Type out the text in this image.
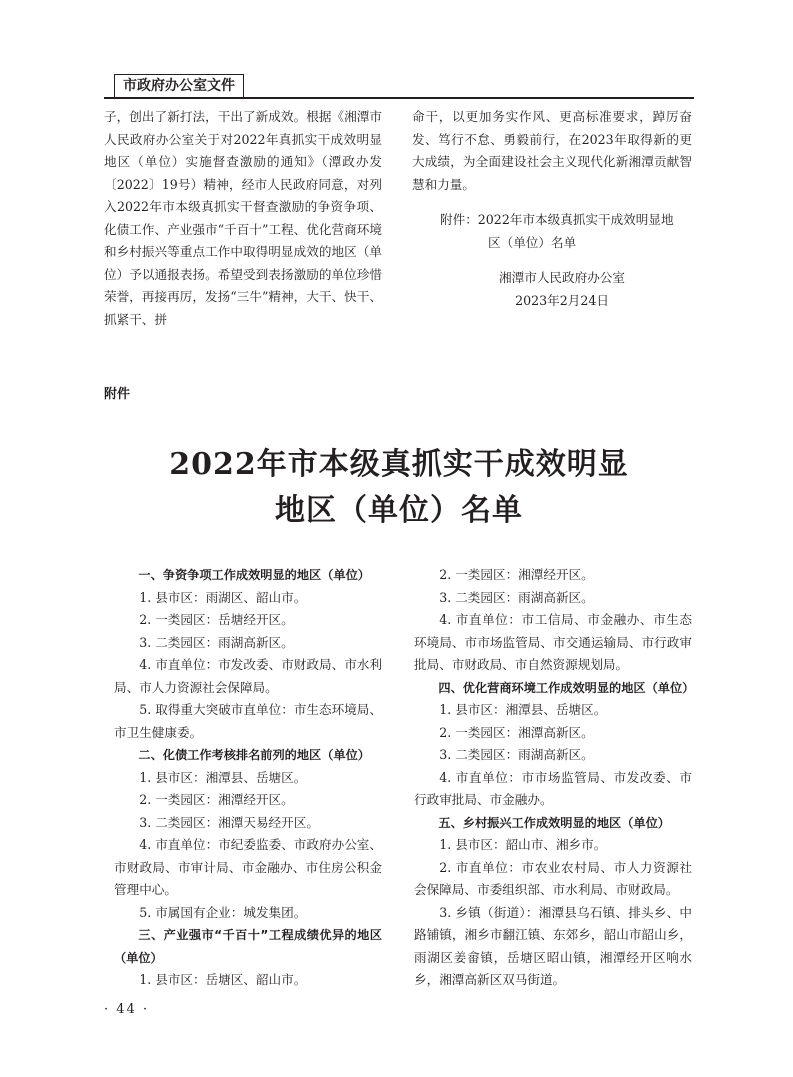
市政府办公室文件

子，创出了新打法，干出了新成效。根据《湘潭市人民政府办公室关于对2022年真抓实干成效明显地区（单位）实施督查激励的通知》（潭政办发〔2022〕19号）精神，经市人民政府同意，对列入2022年市本级真抓实干督查激励的争资争项、化债工作、产业强市“千百十”工程、优化营商环境和乡村振兴等重点工作中取得明显成效的地区（单位）予以通报表扬。希望受到表扬激励的单位珍惜荣誉，再接再厉，发扬“三牛”精神，大干、快干、抓紧干、拼

命干，以更加务实作风、更高标准要求，踔厉奋发、笃行不怠、勇毅前行，在2023年取得新的更大成绩，为全面建设社会主义现代化新湘潭贡献智慧和力量。

附件：2022年市本级真抓实干成效明显地
区（单位）名单
湘潭市人民政府办公室
2023年2月24日
附件
2022年市本级真抓实干成效明显
地区（单位）名单

一、争资争项工作成效明显的地区（单位）

1. 县市区：雨湖区、韶山市。

2. 一类园区：岳塘经开区。

3. 二类园区：雨湖高新区。

4. 市直单位：市发改委、市财政局、市水利局、市人力资源社会保障局。

5. 取得重大突破市直单位：市生态环境局、市卫生健康委。

二、化债工作考核排名前列的地区（单位）

1. 县市区：湘潭县、岳塘区。

2. 一类园区：湘潭经开区。

3. 二类园区：湘潭天易经开区。

4. 市直单位：市纪委监委、市政府办公室、市财政局、市审计局、市金融办、市住房公积金管理中心。

5. 市属国有企业：城发集团。

三、产业强市“千百十”工程成绩优异的地区（单位）

1. 县市区：岳塘区、韶山市。

2. 一类园区：湘潭经开区。

3. 二类园区：雨湖高新区。

4. 市直单位：市工信局、市金融办、市生态环境局、市市场监管局、市交通运输局、市行政审批局、市财政局、市自然资源规划局。

四、优化营商环境工作成效明显的地区（单位）

1. 县市区：湘潭县、岳塘区。

2. 一类园区：湘潭高新区。

3. 二类园区：雨湖高新区。

4. 市直单位：市市场监管局、市发改委、市行政审批局、市金融办。

五、乡村振兴工作成效明显的地区（单位）

1. 县市区：韶山市、湘乡市。

2. 市直单位：市农业农村局、市人力资源社会保障局、市委组织部、市水利局、市财政局。

3. 乡镇（街道）：湘潭县乌石镇、排头乡、中路铺镇，湘乡市翻江镇、东郊乡，韶山市韶山乡，雨湖区姜畲镇，岳塘区昭山镇，湘潭经开区响水乡，湘潭高新区双马街道。

· 44 ·
